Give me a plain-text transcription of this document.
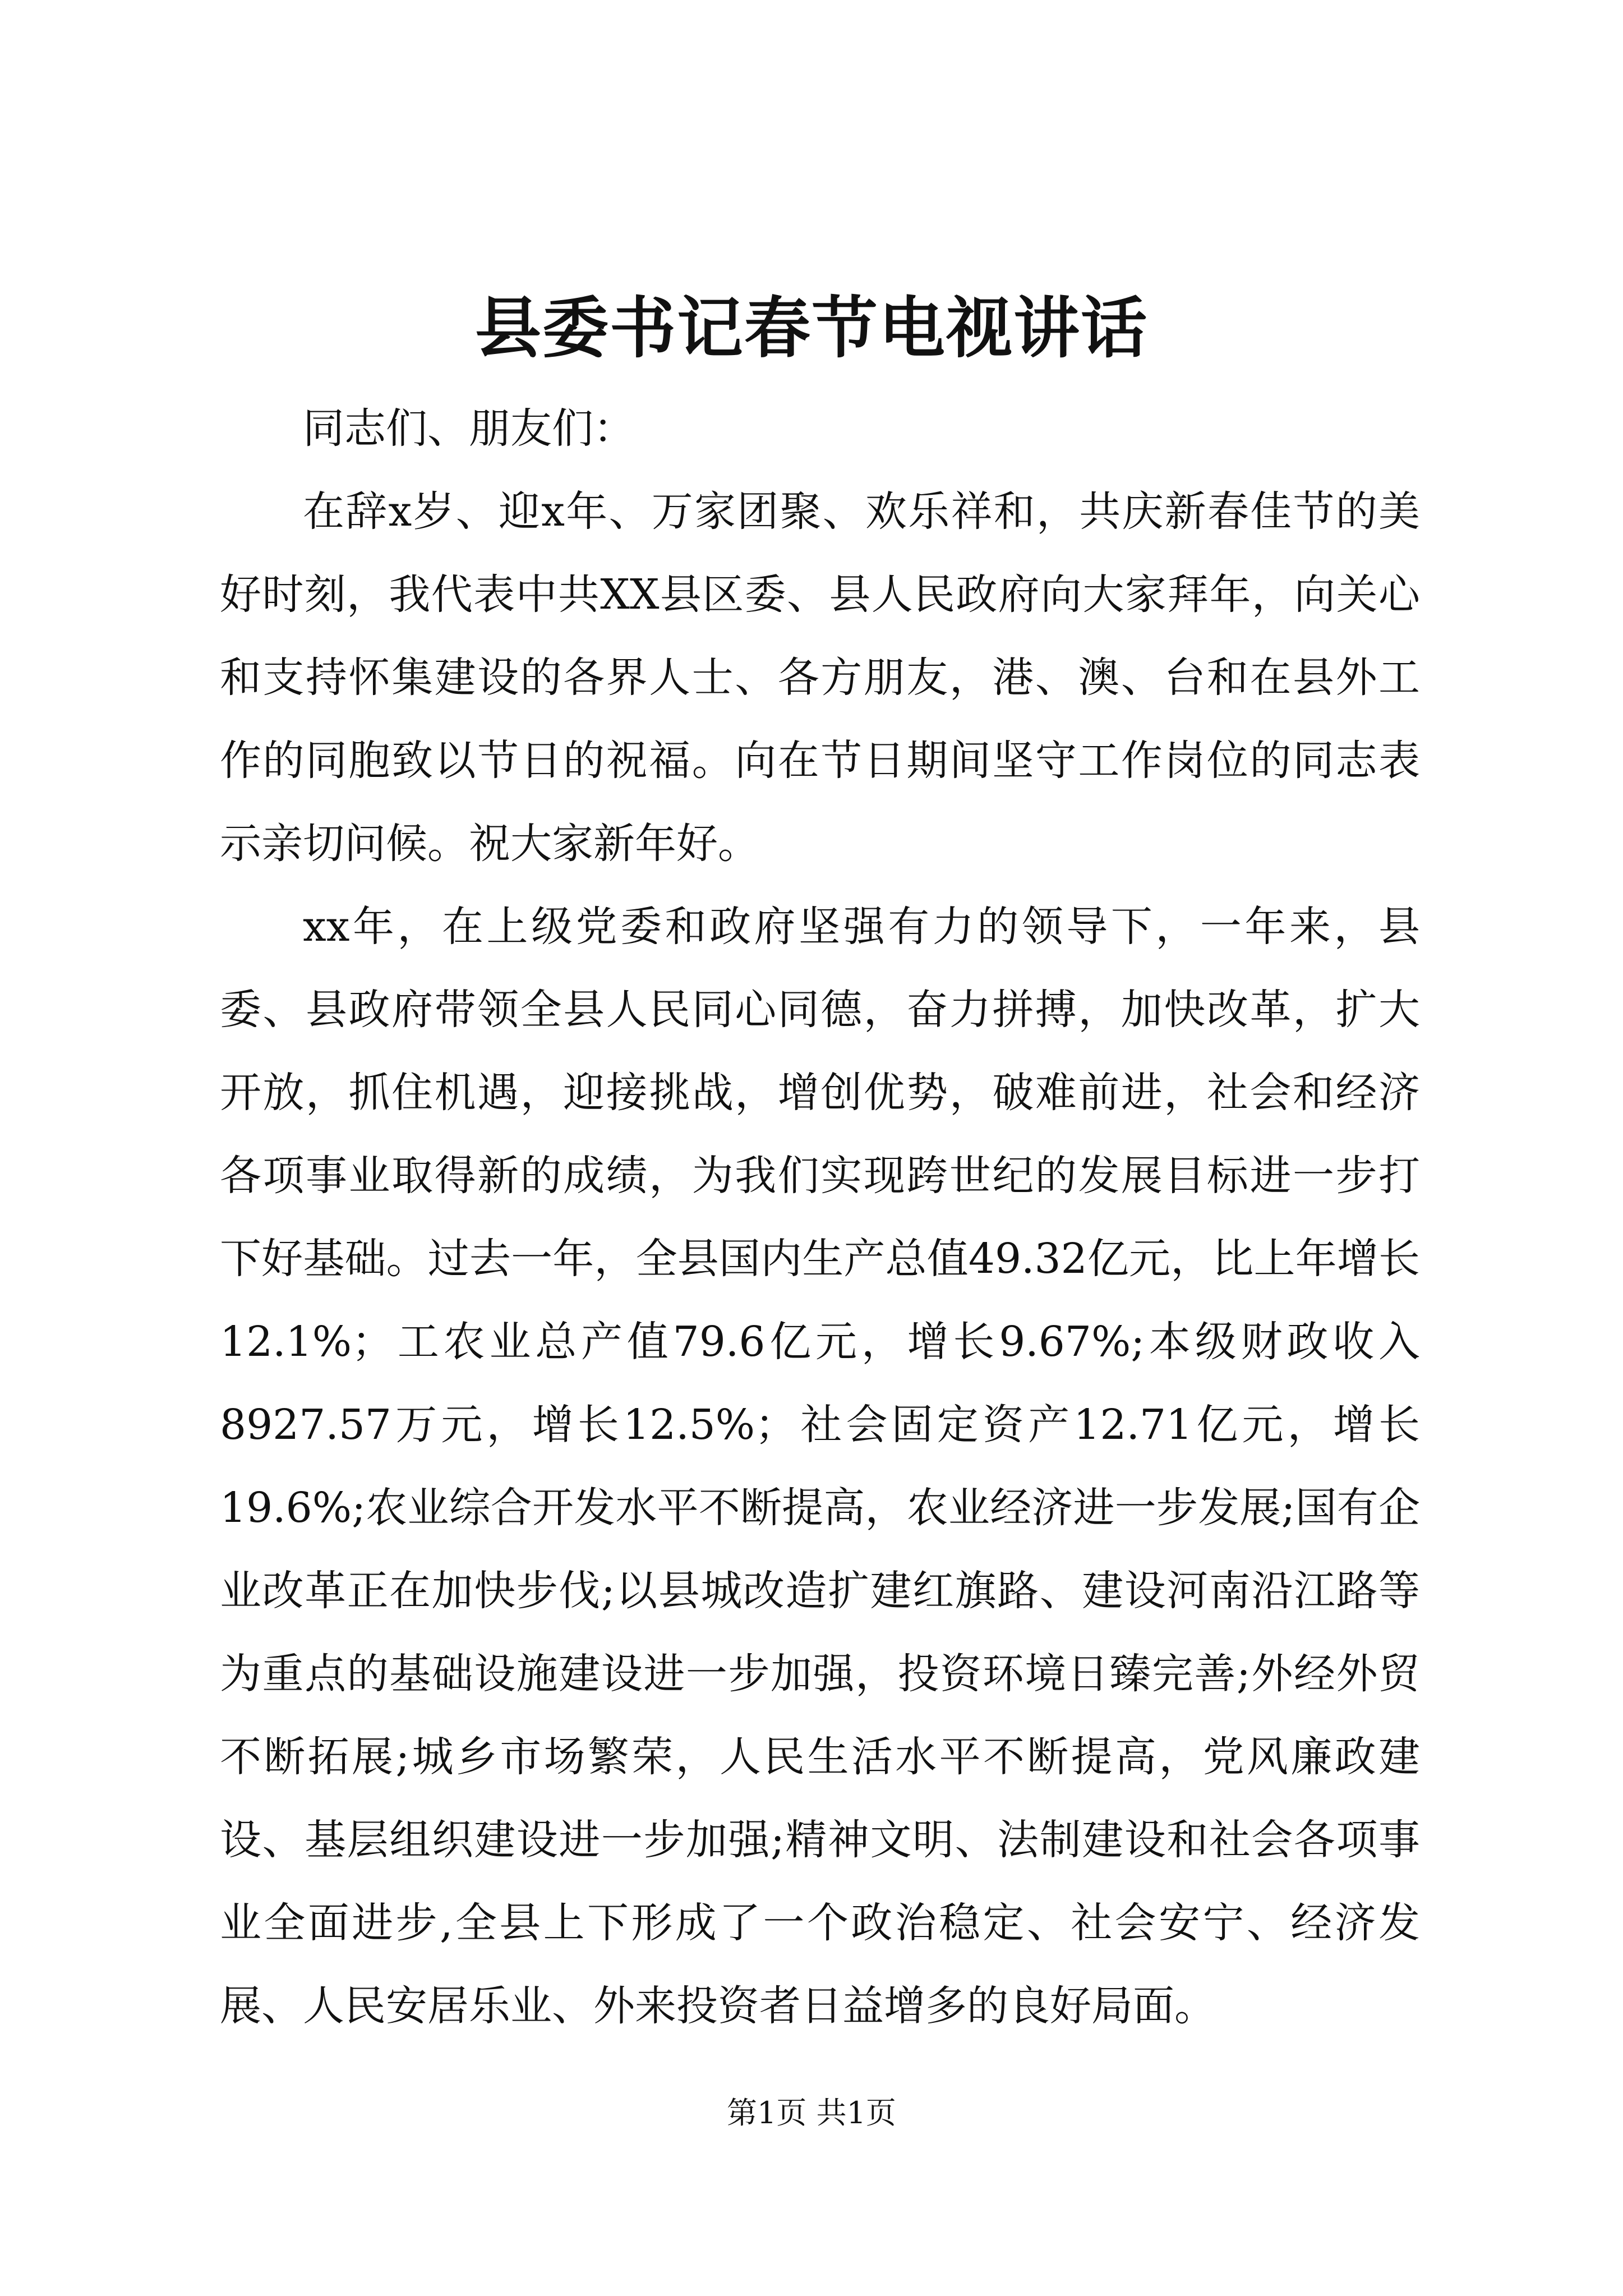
县委书记春节电视讲话

同志们、朋友们：

在辞x岁、迎x年、万家团聚、欢乐祥和，共庆新春佳节的美好时刻，我代表中共XX县区委、县人民政府向大家拜年，向关心和支持怀集建设的各界人士、各方朋友，港、澳、台和在县外工作的同胞致以节日的祝福。向在节日期间坚守工作岗位的同志表示亲切问候。祝大家新年好。

xx年，在上级党委和政府坚强有力的领导下，一年来，县委、县政府带领全县人民同心同德，奋力拼搏，加快改革，扩大开放，抓住机遇，迎接挑战，增创优势，破难前进，社会和经济各项事业取得新的成绩，为我们实现跨世纪的发展目标进一步打下好基础。过去一年，全县国内生产总值49.32亿元，比上年增长12.1%；工农业总产值79.6亿元，增长9.67%;本级财政收入8927.57万元，增长12.5%；社会固定资产12.71亿元，增长19.6%;农业综合开发水平不断提高，农业经济进一步发展;国有企业改革正在加快步伐;以县城改造扩建红旗路、建设河南沿江路等为重点的基础设施建设进一步加强，投资环境日臻完善;外经外贸不断拓展;城乡市场繁荣，人民生活水平不断提高，党风廉政建设、基层组织建设进一步加强;精神文明、法制建设和社会各项事业全面进步,全县上下形成了一个政治稳定、社会安宁、经济发展、人民安居乐业、外来投资者日益增多的良好局面。

第1页 共1页
